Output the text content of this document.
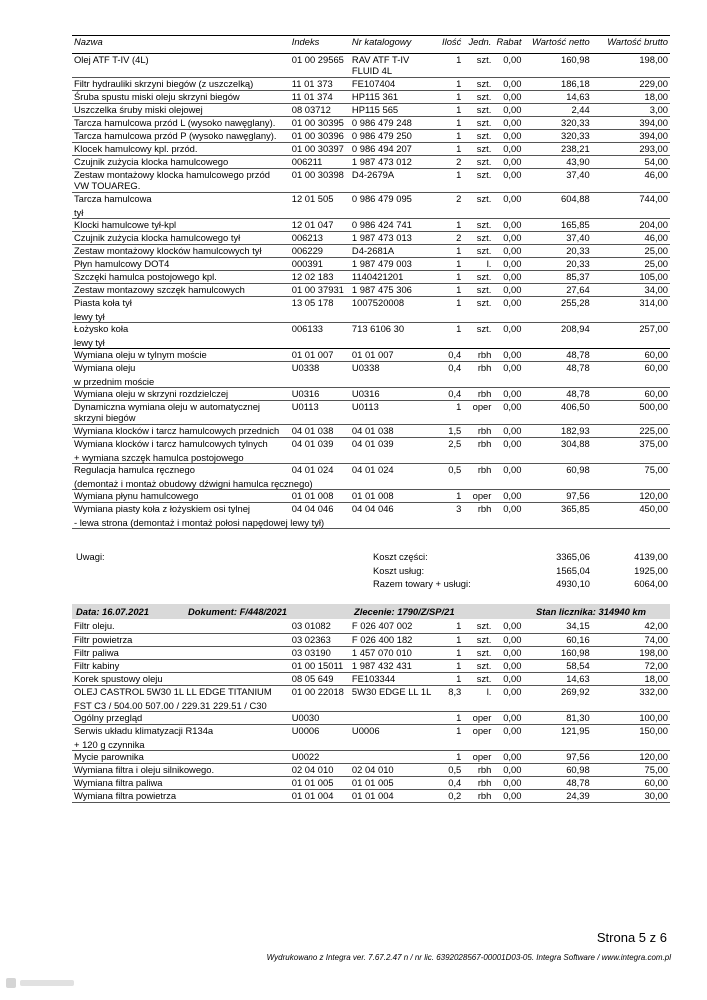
Nazwa	Indeks	Nr katalogowy	Ilość	Jedn.	Rabat	Wartość netto	Wartość brutto
Olej ATF T-IV (4L)	01 00 29565	RAV ATF T-IV
FLUID 4L	1	szt.	0,00	160,98	198,00
Filtr hydrauliki skrzyni biegów (z uszczelką)	11 01 373	FE107404	1	szt.	0,00	186,18	229,00
Śruba spustu miski oleju skrzyni biegów	11 01 374	HP115 361	1	szt.	0,00	14,63	18,00
Uszczelka śruby miski olejowej	08 03712	HP115 565	1	szt.	0,00	2,44	3,00
Tarcza hamulcowa przód L (wysoko nawęglany).	01 00 30395	0 986 479 248	1	szt.	0,00	320,33	394,00
Tarcza hamulcowa przód P (wysoko nawęglany).	01 00 30396	0 986 479 250	1	szt.	0,00	320,33	394,00
Klocek hamulcowy kpl. przód.	01 00 30397	0 986 494 207	1	szt.	0,00	238,21	293,00
Czujnik zużycia klocka hamulcowego	006211	1 987 473 012	2	szt.	0,00	43,90	54,00
Zestaw montażowy klocka hamulcowego przód
VW TOUAREG.	01 00 30398	D4-2679A	1	szt.	0,00	37,40	46,00
Tarcza hamulcowa
tył	12 01 505	0 986 479 095	2	szt.	0,00	604,88	744,00
Klocki hamulcowe tył-kpl	12 01 047	0 986 424 741	1	szt.	0,00	165,85	204,00
Czujnik zużycia klocka hamulcowego tył	006213	1 987 473 013	2	szt.	0,00	37,40	46,00
Zestaw montażowy klocków hamulcowych tył	006229	D4-2681A	1	szt.	0,00	20,33	25,00
Płyn hamulcowy DOT4	000391	1 987 479 003	1	l.	0,00	20,33	25,00
Szczęki hamulca postojowego kpl.	12 02 183	1140421201	1	szt.	0,00	85,37	105,00
Zestaw montazowy szczęk hamulcowych	01 00 37931	1 987 475 306	1	szt.	0,00	27,64	34,00
Piasta koła tył
lewy tył	13 05 178	1007520008	1	szt.	0,00	255,28	314,00
Łożysko koła
lewy tył	006133	713 6106 30	1	szt.	0,00	208,94	257,00
Wymiana oleju w tylnym moście	01 01 007	01 01 007	0,4	rbh	0,00	48,78	60,00
Wymiana oleju
w przednim moście	U0338	U0338	0,4	rbh	0,00	48,78	60,00
Wymiana oleju w skrzyni rozdzielczej	U0316	U0316	0,4	rbh	0,00	48,78	60,00
Dynamiczna wymiana oleju w automatycznej
skrzyni biegów	U0113	U0113	1	oper	0,00	406,50	500,00
Wymiana klocków i tarcz hamulcowych przednich	04 01 038	04 01 038	1,5	rbh	0,00	182,93	225,00
Wymiana klocków i tarcz hamulcowych tylnych
+ wymiana szczęk hamulca postojowego	04 01 039	04 01 039	2,5	rbh	0,00	304,88	375,00
Regulacja hamulca ręcznego
(demontaż i montaż obudowy dźwigni hamulca ręcznego)	04 01 024	04 01 024	0,5	rbh	0,00	60,98	75,00
Wymiana płynu hamulcowego	01 01 008	01 01 008	1	oper	0,00	97,56	120,00
Wymiana piasty koła z łożyskiem osi tylnej
- lewa strona (demontaż i montaż połosi napędowej lewy tył)	04 04 046	04 04 046	3	rbh	0,00	365,85	450,00
Uwagi:	Koszt części:	3365,06	4139,00
Koszt usług:	1565,04	1925,00
Razem towary + usługi:	4930,10	6064,00
Data: 16.07.2021	Dokument: F/448/2021	Zlecenie: 1790/Z/SP/21	Stan licznika: 314940 km
Filtr oleju.	03 01082	F 026 407 002	1	szt.	0,00	34,15	42,00
Filtr powietrza	03 02363	F 026 400 182	1	szt.	0,00	60,16	74,00
Filtr paliwa	03 03190	1 457 070 010	1	szt.	0,00	160,98	198,00
Filtr kabiny	01 00 15011	1 987 432 431	1	szt.	0,00	58,54	72,00
Korek spustowy oleju	08 05 649	FE103344	1	szt.	0,00	14,63	18,00
OLEJ CASTROL 5W30 1L LL EDGE TITANIUM
FST C3 / 504.00 507.00 / 229.31 229.51 / C30	01 00 22018	5W30 EDGE LL 1L	8,3	l.	0,00	269,92	332,00
Ogólny przegląd	U0030		1	oper	0,00	81,30	100,00
Serwis układu klimatyzacji R134a
+ 120 g czynnika	U0006	U0006	1	oper	0,00	121,95	150,00
Mycie parownika	U0022		1	oper	0,00	97,56	120,00
Wymiana filtra i oleju silnikowego.	02 04 010	02 04 010	0,5	rbh	0,00	60,98	75,00
Wymiana filtra paliwa	01 01 005	01 01 005	0,4	rbh	0,00	48,78	60,00
Wymiana filtra powietrza	01 01 004	01 01 004	0,2	rbh	0,00	24,39	30,00
Strona 5 z 6
Wydrukowano z Integra ver. 7.67.2.47 n / nr lic. 6392028567-00001D03-05. Integra Software / www.integra.com.pl
